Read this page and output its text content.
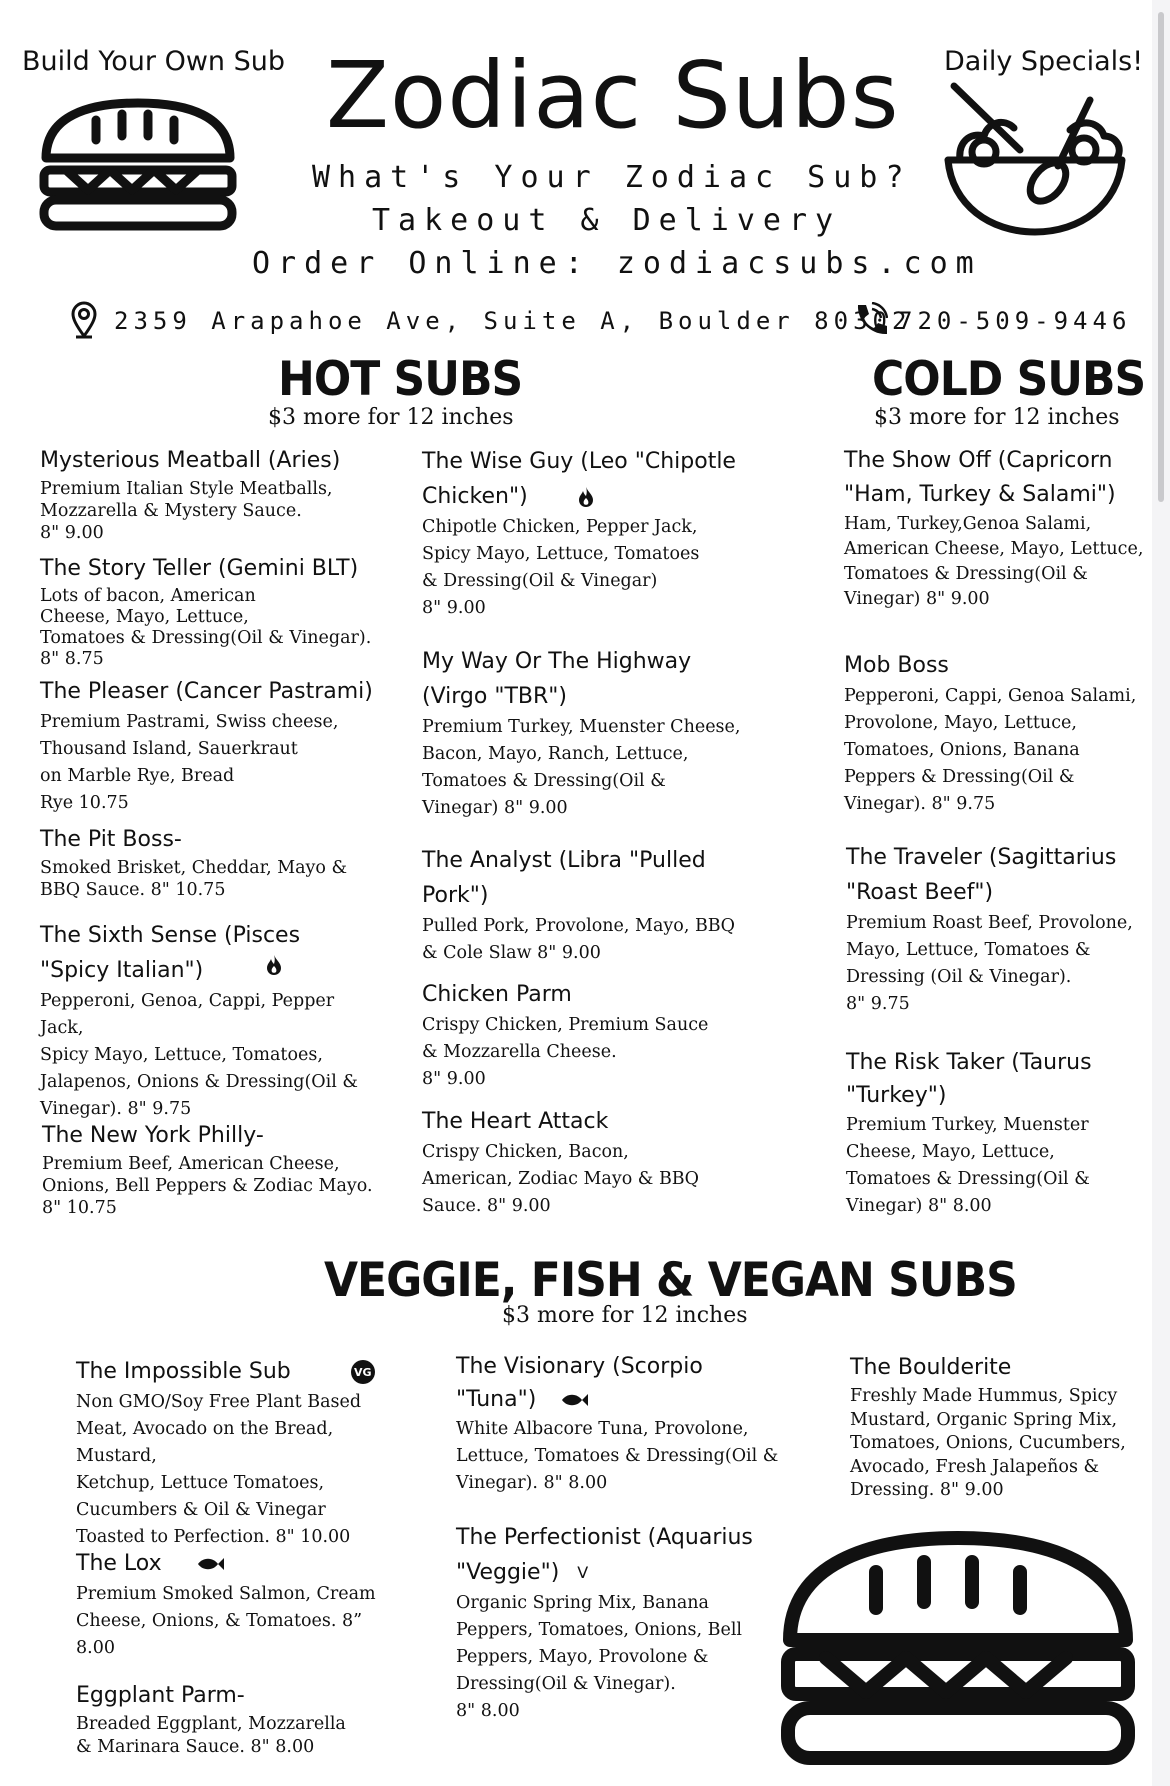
Build Your Own Sub	Daily Specials!
Zodiac Subs
What's Your Zodiac Sub?
Takeout & Delivery
Order Online: zodiacsubs.com
2359 Arapahoe Ave, Suite A, Boulder 80302
720-509-9446
HOT SUBS
$3 more for 12 inches
COLD SUBS
$3 more for 12 inches
Mysterious Meatball (Aries)
Premium Italian Style Meatballs,
Mozzarella & Mystery Sauce.
8" 9.00
The Story Teller (Gemini BLT)
Lots of bacon, American
Cheese, Mayo, Lettuce,
Tomatoes & Dressing(Oil & Vinegar).
8" 8.75
The Pleaser (Cancer Pastrami)
Premium Pastrami, Swiss cheese,
Thousand Island, Sauerkraut
on Marble Rye, Bread
Rye 10.75
The Pit Boss-
Smoked Brisket, Cheddar, Mayo &
BBQ Sauce. 8" 10.75
The Sixth Sense (Pisces
"Spicy Italian")
Pepperoni, Genoa, Cappi, Pepper Jack,
Spicy Mayo, Lettuce, Tomatoes,
Jalapenos, Onions & Dressing(Oil &
Vinegar). 8" 9.75
The New York Philly-
Premium Beef, American Cheese,
Onions, Bell Peppers & Zodiac Mayo.
8" 10.75
The Wise Guy (Leo "Chipotle
Chicken")
Chipotle Chicken, Pepper Jack,
Spicy Mayo, Lettuce, Tomatoes
& Dressing(Oil & Vinegar)
8" 9.00
My Way Or The Highway
(Virgo "TBR")
Premium Turkey, Muenster Cheese,
Bacon, Mayo, Ranch, Lettuce,
Tomatoes & Dressing(Oil &
Vinegar) 8" 9.00
The Analyst (Libra "Pulled
Pork")
Pulled Pork, Provolone, Mayo, BBQ
& Cole Slaw 8" 9.00
Chicken Parm
Crispy Chicken, Premium Sauce
& Mozzarella Cheese.
8" 9.00
The Heart Attack
Crispy Chicken, Bacon,
American, Zodiac Mayo & BBQ
Sauce. 8" 9.00
The Show Off (Capricorn
"Ham, Turkey & Salami")
Ham, Turkey,Genoa Salami,
American Cheese, Mayo, Lettuce,
Tomatoes & Dressing(Oil &
Vinegar) 8" 9.00
Mob Boss
Pepperoni, Cappi, Genoa Salami,
Provolone, Mayo, Lettuce,
Tomatoes, Onions, Banana
Peppers & Dressing(Oil &
Vinegar). 8" 9.75
The Traveler (Sagittarius
"Roast Beef")
Premium Roast Beef, Provolone,
Mayo, Lettuce, Tomatoes &
Dressing (Oil & Vinegar).
8" 9.75
The Risk Taker (Taurus
"Turkey")
Premium Turkey, Muenster
Cheese, Mayo, Lettuce,
Tomatoes & Dressing(Oil &
Vinegar) 8" 8.00
VEGGIE, FISH & VEGAN SUBS
$3 more for 12 inches
The Impossible Sub	VG
Non GMO/Soy Free Plant Based
Meat, Avocado on the Bread, Mustard,
Ketchup, Lettuce Tomatoes,
Cucumbers & Oil & Vinegar
Toasted to Perfection. 8" 10.00
The Lox
Premium Smoked Salmon, Cream
Cheese, Onions, & Tomatoes. 8”
8.00
Eggplant Parm-
Breaded Eggplant, Mozzarella
& Marinara Sauce. 8" 8.00
The Visionary (Scorpio
"Tuna")
White Albacore Tuna, Provolone,
Lettuce, Tomatoes & Dressing(Oil &
Vinegar). 8" 8.00
The Perfectionist (Aquarius
"Veggie") $^V$
Organic Spring Mix, Banana
Peppers, Tomatoes, Onions, Bell
Peppers, Mayo, Provolone &
Dressing(Oil & Vinegar).
8" 8.00
The Boulderite
Freshly Made Hummus, Spicy
Mustard, Organic Spring Mix,
Tomatoes, Onions, Cucumbers,
Avocado, Fresh Jalapeños &
Dressing. 8" 9.00
